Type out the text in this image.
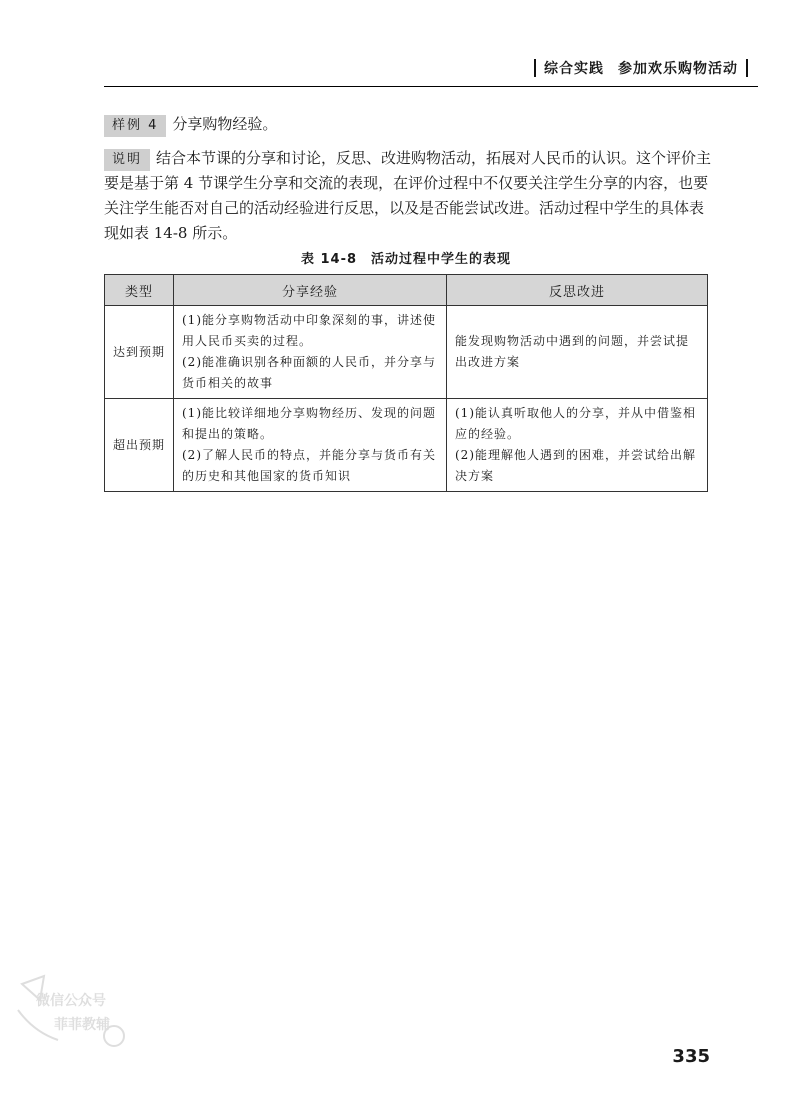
综合实践 参加欢乐购物活动
样例 4 分享购物经验。
说明 结合本节课的分享和讨论，反思、改进购物活动，拓展对人民币的认识。这个评价主要是基于第 4 节课学生分享和交流的表现，在评价过程中不仅要关注学生分享的内容，也要关注学生能否对自己的活动经验进行反思，以及是否能尝试改进。活动过程中学生的具体表现如表 14-8 所示。
表 14-8　活动过程中学生的表现
类型	分享经验	反思改进
达到预期	(1)能分享购物活动中印象深刻的事，讲述使用人民币买卖的过程。
(2)能准确识别各种面额的人民币，并分享与货币相关的故事	能发现购物活动中遇到的问题，并尝试提出改进方案

超出预期	(1)能比较详细地分享购物经历、发现的问题和提出的策略。
(2)了解人民币的特点，并能分享与货币有关的历史和其他国家的货币知识	(1)能认真听取他人的分享，并从中借鉴相应的经验。
(2)能理解他人遇到的困难，并尝试给出解决方案
微信公众号
菲菲教辅
335
